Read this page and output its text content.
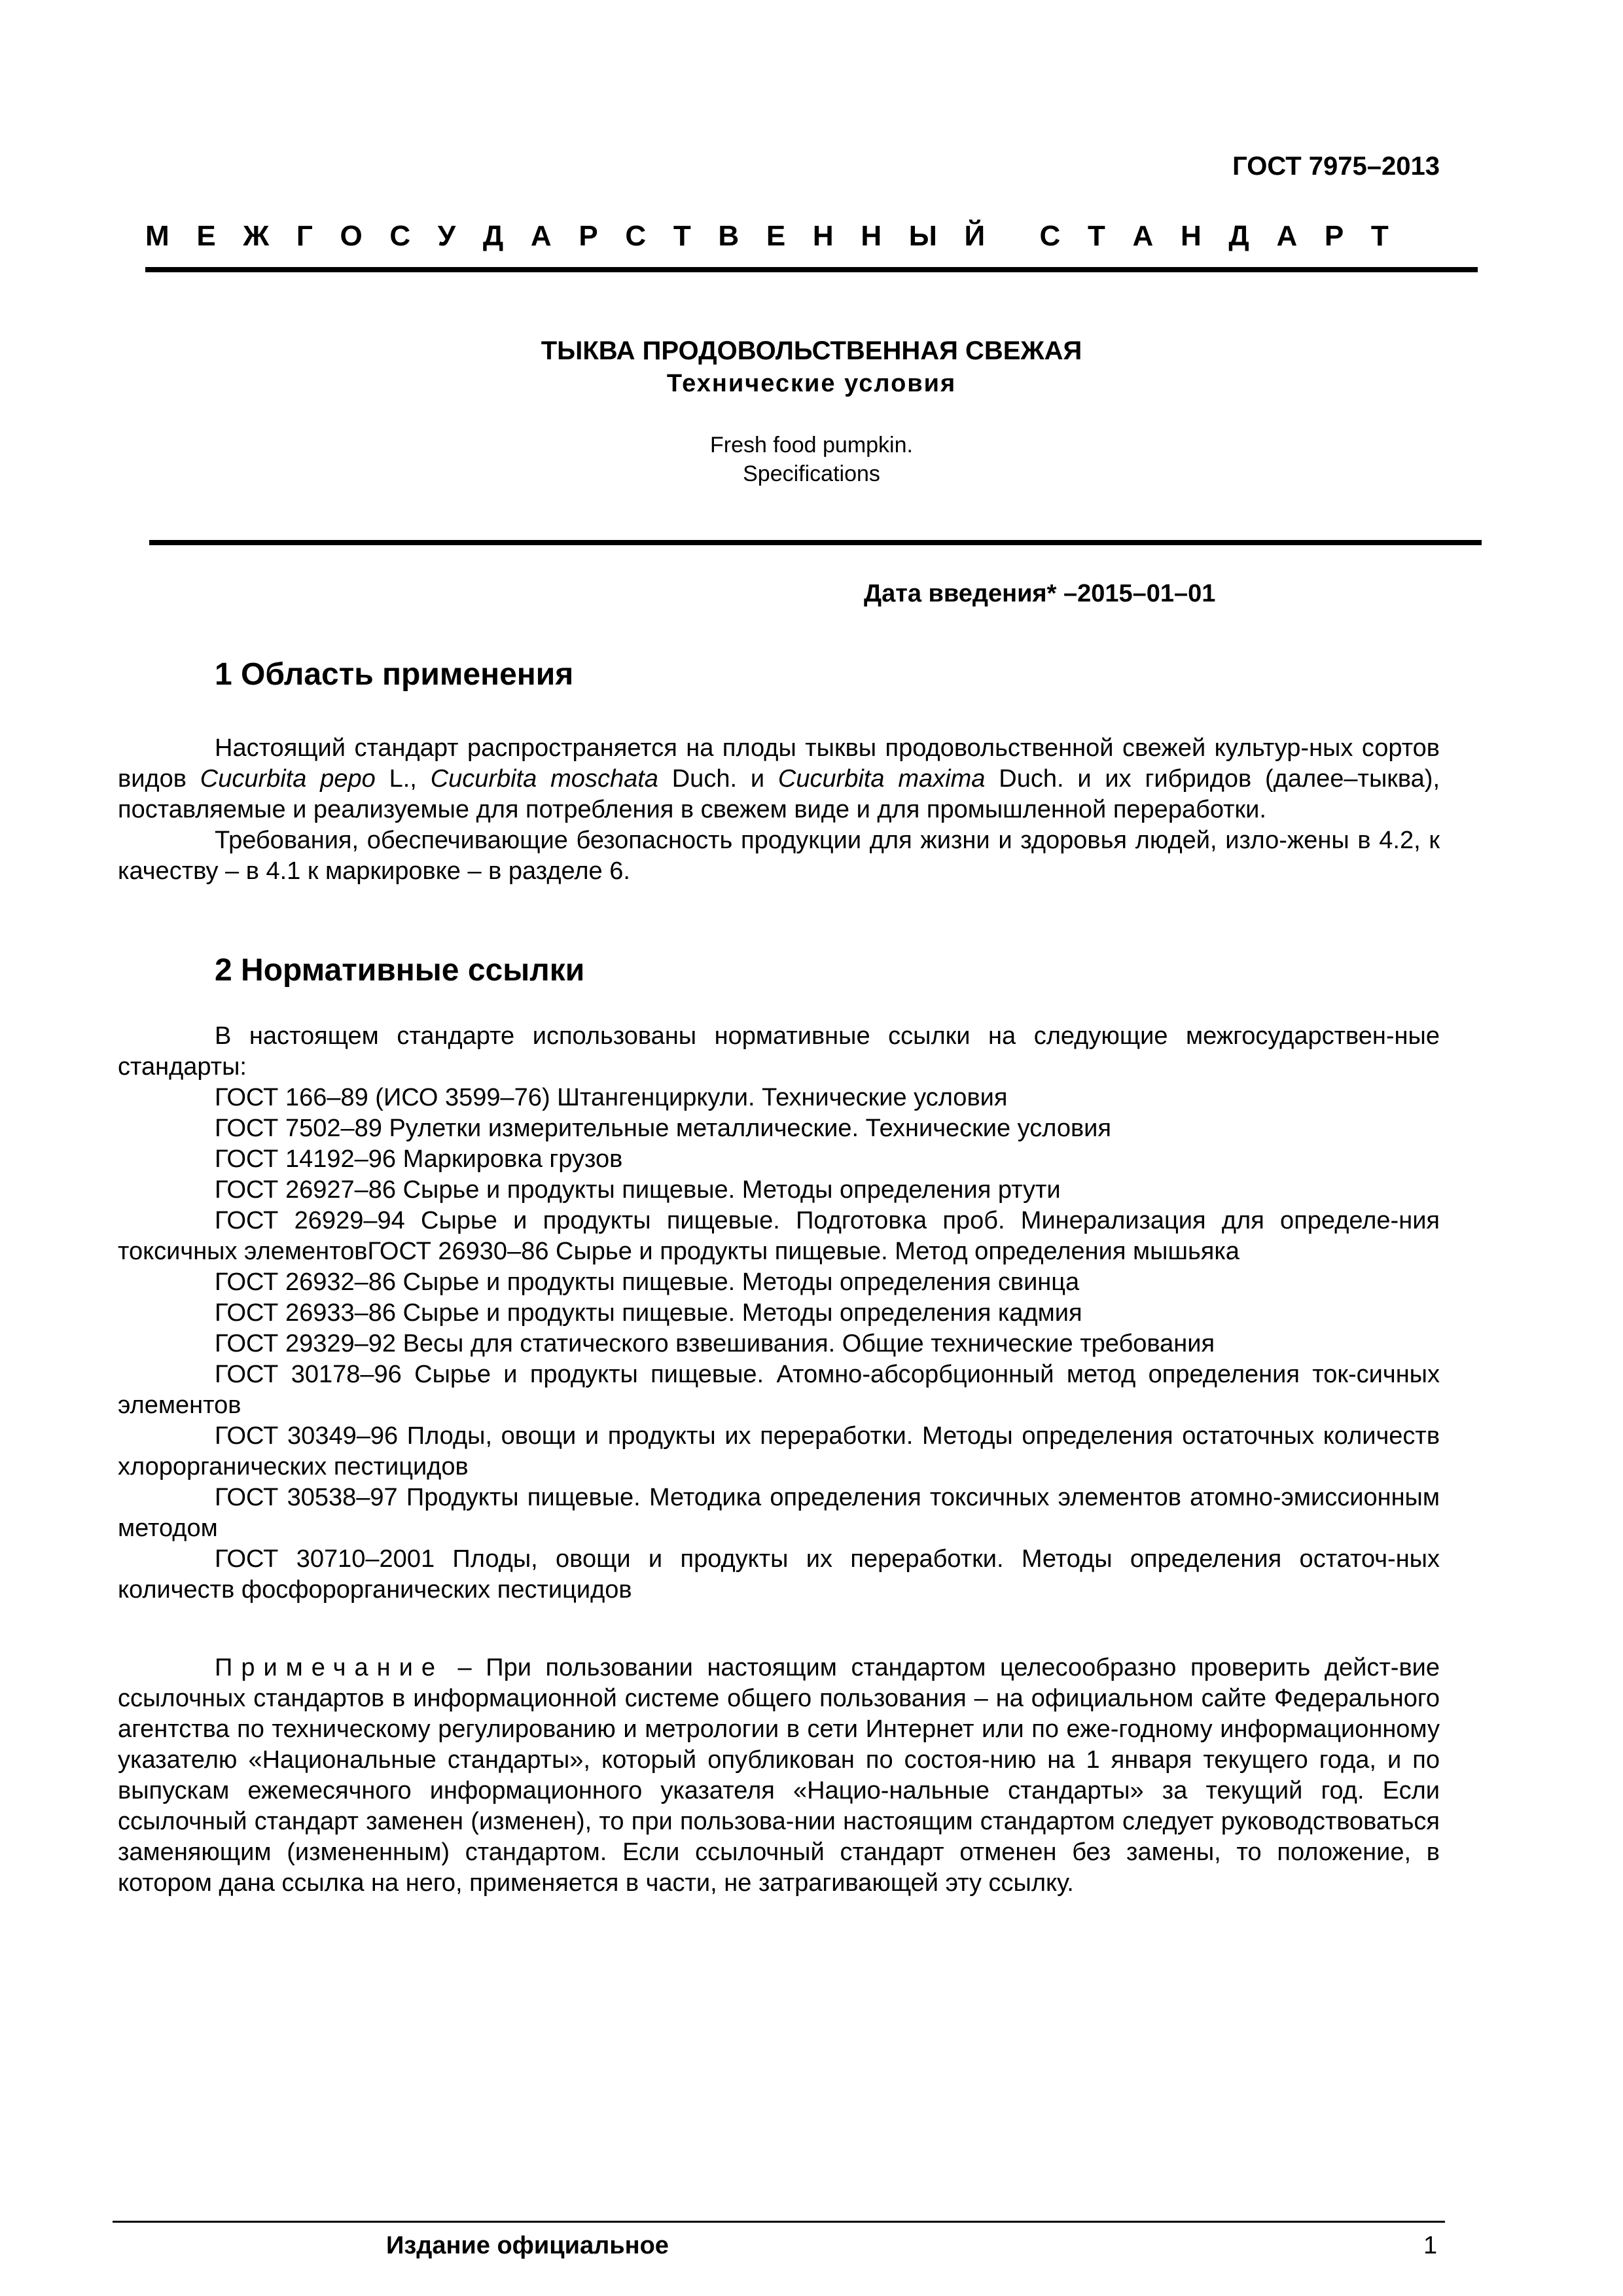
ГОСТ 7975–2013
М Е Ж Г О С У Д А Р С Т В Е Н Н Ы Й С Т А Н Д А Р Т
ТЫКВА ПРОДОВОЛЬСТВЕННАЯ СВЕЖАЯ
Технические условия
Fresh food pumpkin.
Specifications
Дата введения* –2015–01–01
1 Область применения

Настоящий стандарт распространяется на плоды тыквы продовольственной свежей культур-ных сортов видов Cucurbita pepo L., Cucurbita moschata Duch. и Cucurbita maxima Duch. и их гибридов (далее–тыква), поставляемые и реализуемые для потребления в свежем виде и для промышленной переработки.

Требования, обеспечивающие безопасность продукции для жизни и здоровья людей, изло-жены в 4.2, к качеству – в 4.1 к маркировке – в разделе 6.

2 Нормативные ссылки

В настоящем стандарте использованы нормативные ссылки на следующие межгосударствен-ные стандарты:

ГОСТ 166–89 (ИСО 3599–76) Штангенциркули. Технические условия
ГОСТ 7502–89 Рулетки измерительные металлические. Технические условия
ГОСТ 14192–96 Маркировка грузов
ГОСТ 26927–86 Сырье и продукты пищевые. Методы определения ртути
ГОСТ 26929–94 Сырье и продукты пищевые. Подготовка проб. Минерализация для определе-ния токсичных элементовГОСТ 26930–86 Сырье и продукты пищевые. Метод определения мышьяка
ГОСТ 26932–86 Сырье и продукты пищевые. Методы определения свинца
ГОСТ 26933–86 Сырье и продукты пищевые. Методы определения кадмия
ГОСТ 29329–92 Весы для статического взвешивания. Общие технические требования
ГОСТ 30178–96 Сырье и продукты пищевые. Атомно-абсорбционный метод определения ток-сичных элементов
ГОСТ 30349–96 Плоды, овощи и продукты их переработки. Методы определения остаточных количеств хлорорганических пестицидов
ГОСТ 30538–97 Продукты пищевые. Методика определения токсичных элементов атомно-эмиссионным методом
ГОСТ 30710–2001 Плоды, овощи и продукты их переработки. Методы определения остаточ-ных количеств фосфорорганических пестицидов

Примечание – При пользовании настоящим стандартом целесообразно проверить дейст-вие ссылочных стандартов в информационной системе общего пользования – на официальном сайте Федерального агентства по техническому регулированию и метрологии в сети Интернет или по еже-годному информационному указателю «Национальные стандарты», который опубликован по состоя-нию на 1 января текущего года, и по выпускам ежемесячного информационного указателя «Нацио-нальные стандарты» за текущий год. Если ссылочный стандарт заменен (изменен), то при пользова-нии настоящим стандартом следует руководствоваться заменяющим (измененным) стандартом. Если ссылочный стандарт отменен без замены, то положение, в котором дана ссылка на него, применяется в части, не затрагивающей эту ссылку.

Издание официальное	1
